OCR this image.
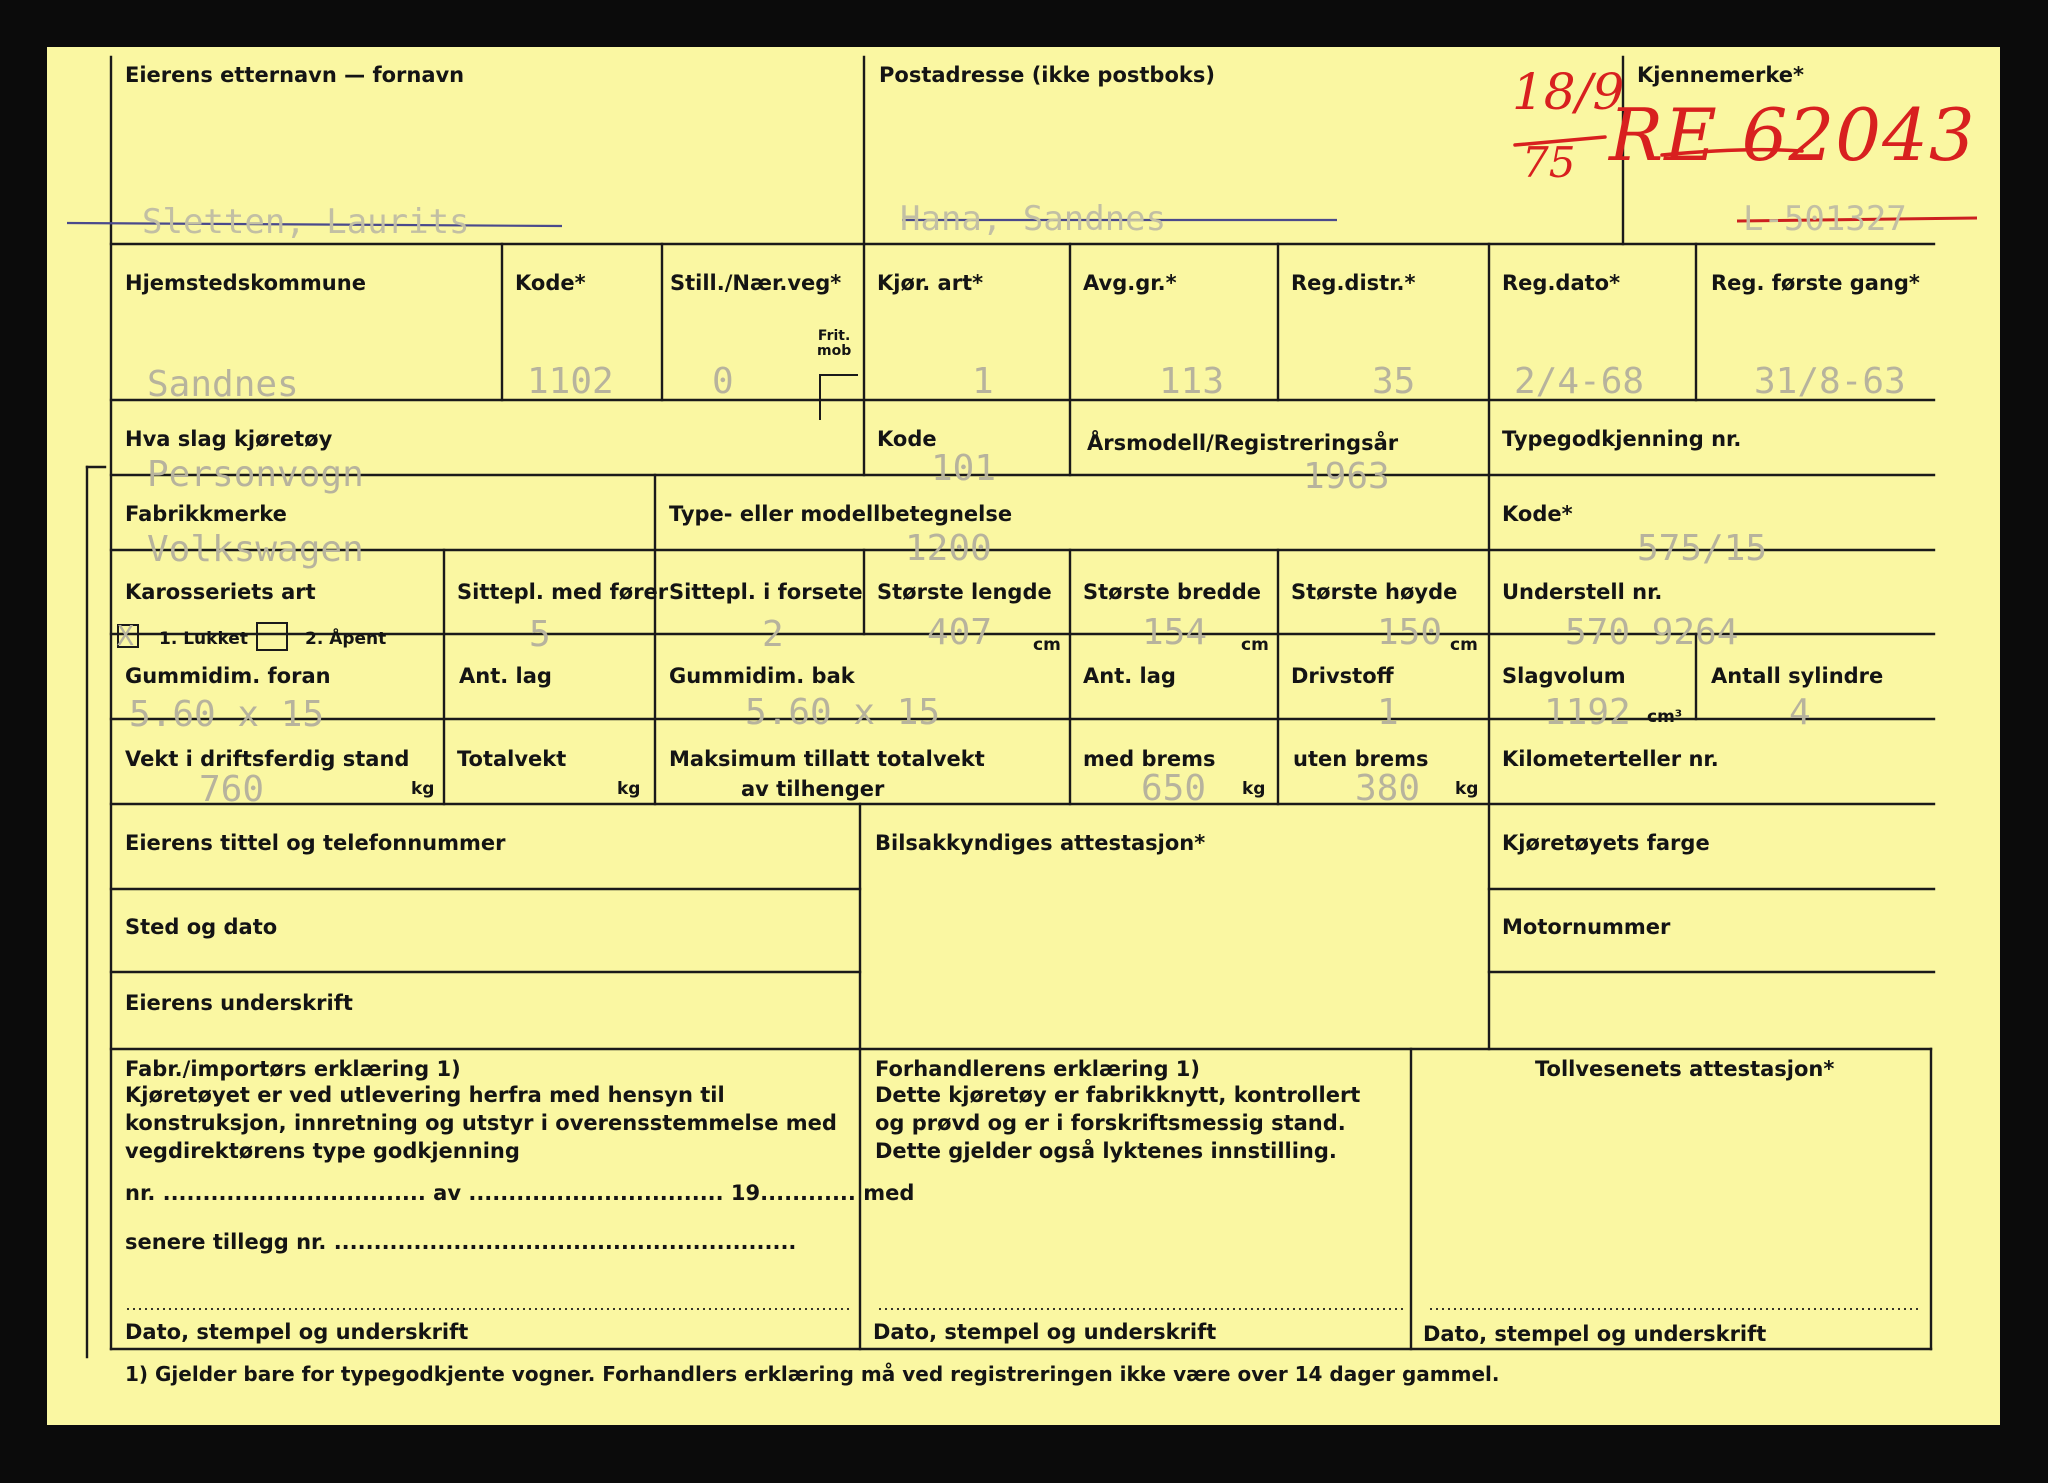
18/9
75 RE 62043
Eierens etternavn — fornavn
Sletten, Laurits
Postadresse (ikke postboks)
Hana, Sandnes
Kjennemerke*
L-501327
Hjemstedskommune
Sandnes
Kode*
1102
Still./Nær.veg*
0
Frit.
mob
Kjør. art*
1
Avg.gr.*
113
Reg.distr.*
35
Reg.dato*
2/4-68
Reg. første gang*
31/8-63
Hva slag kjøretøy
Personvogn
Kode
101
Årsmodell/Registreringsår
1963
Typegodkjenning nr.
Fabrikkmerke
Volkswagen
Type- eller modellbetegnelse
1200
Kode*
575/15
Karosseriets art
X 1. Lukket	2. Åpent
Sittepl. med fører
5
Sittepl. i forsete
2
Største lengde
407 cm
Største bredde
154 cm
Største høyde
150 cm
Understell nr.
570 9264
Gummidim. foran
5.60 x 15
Ant. lag	Gummidim. bak
5.60 x 15
Ant. lag	Drivstoff
1
Slagvolum
1192 cm³
Antall sylindre
4
Vekt i driftsferdig stand
760	kg
Totalvekt
kg
Maksimum tillatt totalvekt
av tilhenger
med brems
650 kg
uten brems
380 kg
Kilometerteller nr.
Eierens tittel og telefonnummer
Sted og dato
Eierens underskrift
Bilsakkyndiges attestasjon*	Kjøretøyets farge
Motornummer
Fabr./importørs erklæring 1)
Kjøretøyet er ved utlevering herfra med hensyn til konstruksjon, innretning og utstyr i overensstemmelse med vegdirektørens type godkjenning
nr. ................................. av ................................ 19............ med
senere tillegg nr. ..........................................................
Dato, stempel og underskrift
Forhandlerens erklæring 1)
Dette kjøretøy er fabrikknytt, kontrollert og prøvd og er i forskriftsmessig stand. Dette gjelder også lyktenes innstilling.
Dato, stempel og underskrift
Tollvesenets attestasjon*
Dato, stempel og underskrift
1) Gjelder bare for typegodkjente vogner. Forhandlers erklæring må ved registreringen ikke være over 14 dager gammel.
